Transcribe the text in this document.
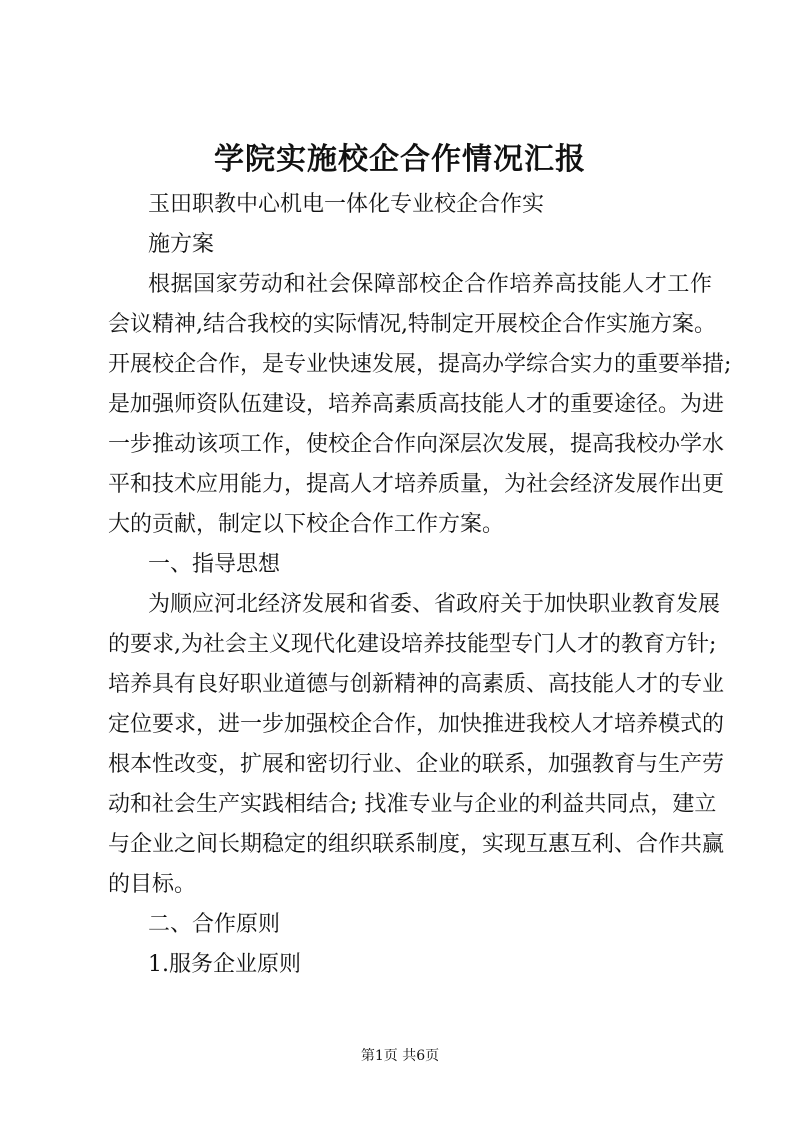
学院实施校企合作情况汇报
玉田职教中心机电一体化专业校企合作实
施方案
根据国家劳动和社会保障部校企合作培养高技能人才工作
会议精神,结合我校的实际情况,特制定开展校企合作实施方案。
开展校企合作，是专业快速发展，提高办学综合实力的重要举措;
是加强师资队伍建设，培养高素质高技能人才的重要途径。为进
一步推动该项工作，使校企合作向深层次发展，提高我校办学水
平和技术应用能力，提高人才培养质量，为社会经济发展作出更
大的贡献，制定以下校企合作工作方案。
一、指导思想
为顺应河北经济发展和省委、省政府关于加快职业教育发展
的要求,为社会主义现代化建设培养技能型专门人才的教育方针;
培养具有良好职业道德与创新精神的高素质、高技能人才的专业
定位要求，进一步加强校企合作，加快推进我校人才培养模式的
根本性改变，扩展和密切行业、企业的联系，加强教育与生产劳
动和社会生产实践相结合; 找准专业与企业的利益共同点，建立
与企业之间长期稳定的组织联系制度，实现互惠互利、合作共赢
的目标。
二、合作原则
1.服务企业原则
第1页 共6页
